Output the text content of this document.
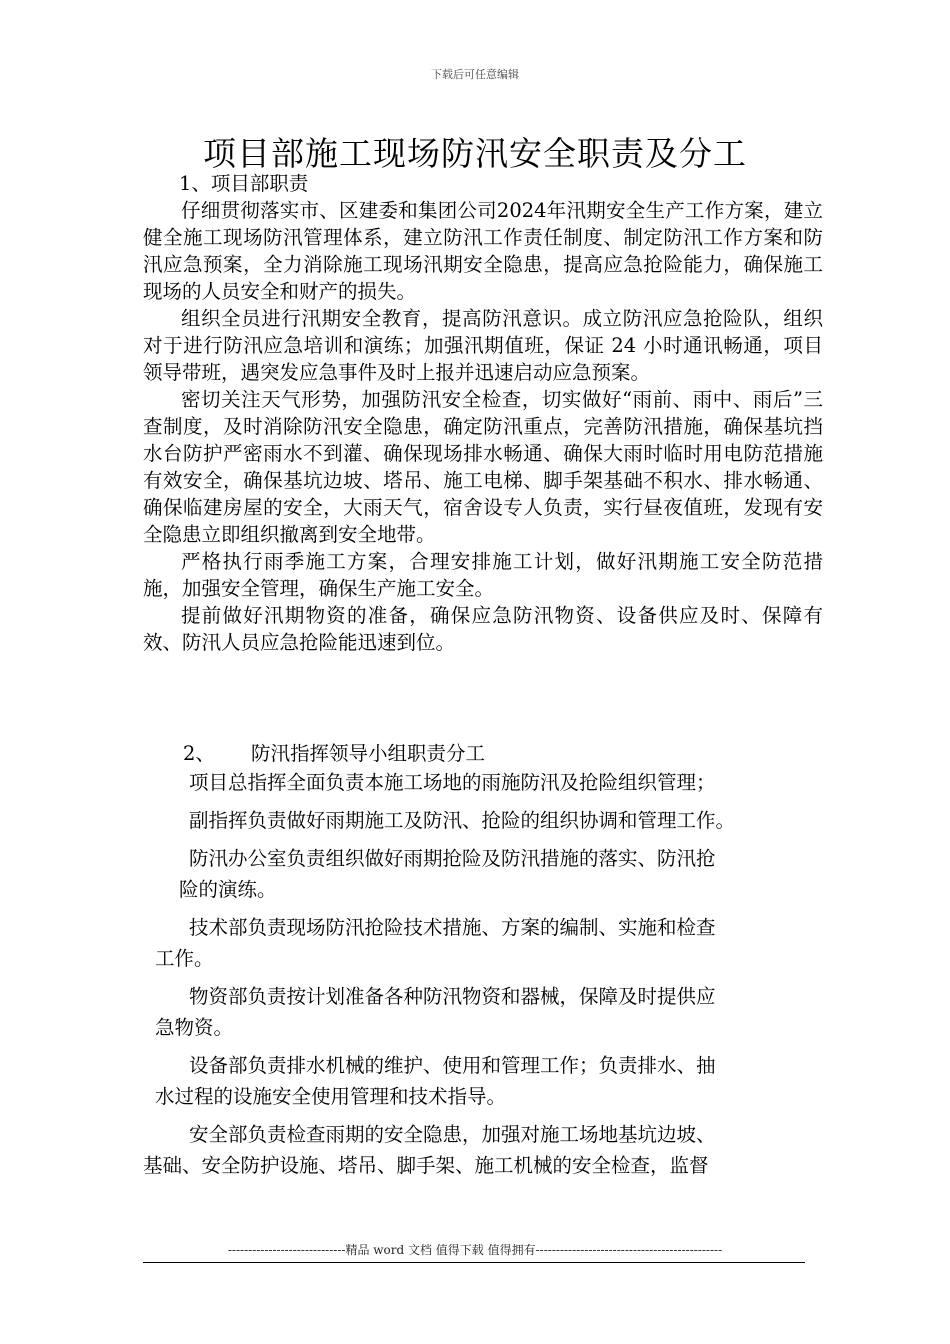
下载后可任意编辑
项目部施工现场防汛安全职责及分工
1、项目部职责

仔细贯彻落实市、区建委和集团公司2024年汛期安全生产工作方案，建立健全施工现场防汛管理体系，建立防汛工作责任制度、制定防汛工作方案和防汛应急预案，全力消除施工现场汛期安全隐患，提高应急抢险能力，确保施工现场的人员安全和财产的损失。

组织全员进行汛期安全教育，提高防汛意识。成立防汛应急抢险队，组织对于进行防汛应急培训和演练；加强汛期值班，保证 24 小时通讯畅通，项目领导带班，遇突发应急事件及时上报并迅速启动应急预案。

密切关注天气形势，加强防汛安全检查，切实做好“雨前、雨中、雨后”三查制度，及时消除防汛安全隐患，确定防汛重点，完善防汛措施，确保基坑挡水台防护严密雨水不到灌、确保现场排水畅通、确保大雨时临时用电防范措施有效安全，确保基坑边坡、塔吊、施工电梯、脚手架基础不积水、排水畅通、确保临建房屋的安全，大雨天气，宿舍设专人负责，实行昼夜值班，发现有安全隐患立即组织撤离到安全地带。

严格执行雨季施工方案，合理安排施工计划，做好汛期施工安全防范措施，加强安全管理，确保生产施工安全。

提前做好汛期物资的准备，确保应急防汛物资、设备供应及时、保障有效、防汛人员应急抢险能迅速到位。

2、 防汛指挥领导小组职责分工

项目总指挥全面负责本施工场地的雨施防汛及抢险组织管理；

副指挥负责做好雨期施工及防汛、抢险的组织协调和管理工作。

防汛办公室负责组织做好雨期抢险及防汛措施的落实、防汛抢
险的演练。

技术部负责现场防汛抢险技术措施、方案的编制、实施和检查
工作。

物资部负责按计划准备各种防汛物资和器械，保障及时提供应
急物资。

设备部负责排水机械的维护、使用和管理工作；负责排水、抽
水过程的设施安全使用管理和技术指导。

安全部负责检查雨期的安全隐患，加强对施工场地基坑边坡、
基础、安全防护设施、塔吊、脚手架、施工机械的安全检查，监督

-----------------------------精品 word 文档 值得下载 值得拥有----------------------------------------------
